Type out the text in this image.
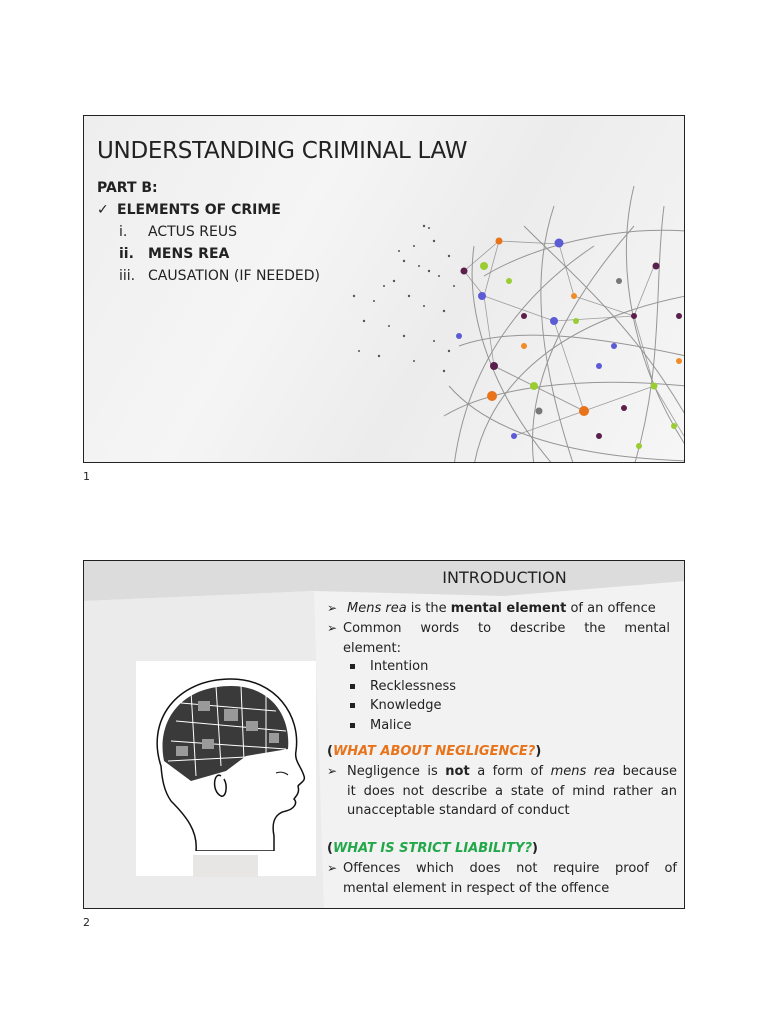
UNDERSTANDING CRIMINAL LAW
PART B:
✓ ELEMENTS OF CRIME
i. ACTUS REUS
ii. MENS REA
iii. CAUSATION (IF NEEDED)
1
INTRODUCTION
➢ Mens rea is the mental element of an offence
➢ Common words to describe the mental
element:
Intention
Recklessness
Knowledge
Malice
(WHAT ABOUT NEGLIGENCE?)
➢ Negligence is not a form of mens rea because
it does not describe a state of mind rather an
unacceptable standard of conduct
(WHAT IS STRICT LIABILITY?)
➢ Offences which does not require proof of
mental element in respect of the offence
2
